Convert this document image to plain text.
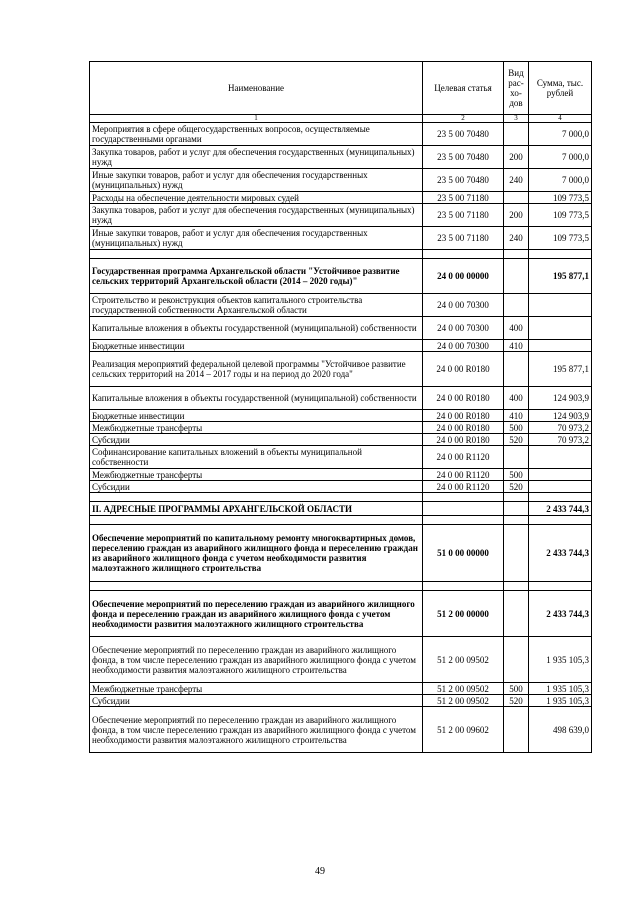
Наименование	Целевая статья	Вид рас-хо-дов	Сумма, тыс. рублей
1	2	3	4
Мероприятия в сфере общегосударственных вопросов, осуществляемые государственными органами	23 5 00 70480		7 000,0
Закупка товаров, работ и услуг для обеспечения государственных (муниципальных) нужд	23 5 00 70480	200	7 000,0
Иные закупки товаров, работ и услуг для обеспечения государственных (муниципальных) нужд	23 5 00 70480	240	7 000,0
Расходы на обеспечение деятельности мировых судей	23 5 00 71180		109 773,5
Закупка товаров, работ и услуг для обеспечения государственных (муниципальных) нужд	23 5 00 71180	200	109 773,5
Иные закупки товаров, работ и услуг для обеспечения государственных (муниципальных) нужд	23 5 00 71180	240	109 773,5

Государственная программа Архангельской области "Устойчивое развитие сельских территорий Архангельской области (2014 – 2020 годы)"	24 0 00 00000		195 877,1
Строительство и реконструкция объектов капитального строительства государственной собственности Архангельской области	24 0 00 70300		
Капитальные вложения в объекты государственной (муниципальной) собственности	24 0 00 70300	400	
Бюджетные инвестиции	24 0 00 70300	410	
Реализация мероприятий федеральной целевой программы "Устойчивое развитие сельских территорий на 2014 – 2017 годы и на период до 2020 года"	24 0 00 R0180		195 877,1
Капитальные вложения в объекты государственной (муниципальной) собственности	24 0 00 R0180	400	124 903,9
Бюджетные инвестиции	24 0 00 R0180	410	124 903,9
Межбюджетные трансферты	24 0 00 R0180	500	70 973,2
Субсидии	24 0 00 R0180	520	70 973,2
Софинансирование капитальных вложений в объекты муниципальной собственности	24 0 00 R1120		
Межбюджетные трансферты	24 0 00 R1120	500	
Субсидии	24 0 00 R1120	520	

II. АДРЕСНЫЕ ПРОГРАММЫ АРХАНГЕЛЬСКОЙ ОБЛАСТИ			2 433 744,3

Обеспечение мероприятий по капитальному ремонту многоквартирных домов, переселению граждан из аварийного жилищного фонда и переселению граждан из аварийного жилищного фонда с учетом необходимости развития малоэтажного жилищного строительства	51 0 00 00000		2 433 744,3

Обеспечение мероприятий по переселению граждан из аварийного жилищного фонда и переселению граждан из аварийного жилищного фонда с учетом необходимости развития малоэтажного жилищного строительства	51 2 00 00000		2 433 744,3
Обеспечение мероприятий по переселению граждан из аварийного жилищного фонда, в том числе переселению граждан из аварийного жилищного фонда с учетом необходимости развития малоэтажного жилищного строительства	51 2 00 09502		1 935 105,3
Межбюджетные трансферты	51 2 00 09502	500	1 935 105,3
Субсидии	51 2 00 09502	520	1 935 105,3
Обеспечение мероприятий по переселению граждан из аварийного жилищного фонда, в том числе переселению граждан из аварийного жилищного фонда с учетом необходимости развития малоэтажного жилищного строительства	51 2 00 09602		498 639,0
49
